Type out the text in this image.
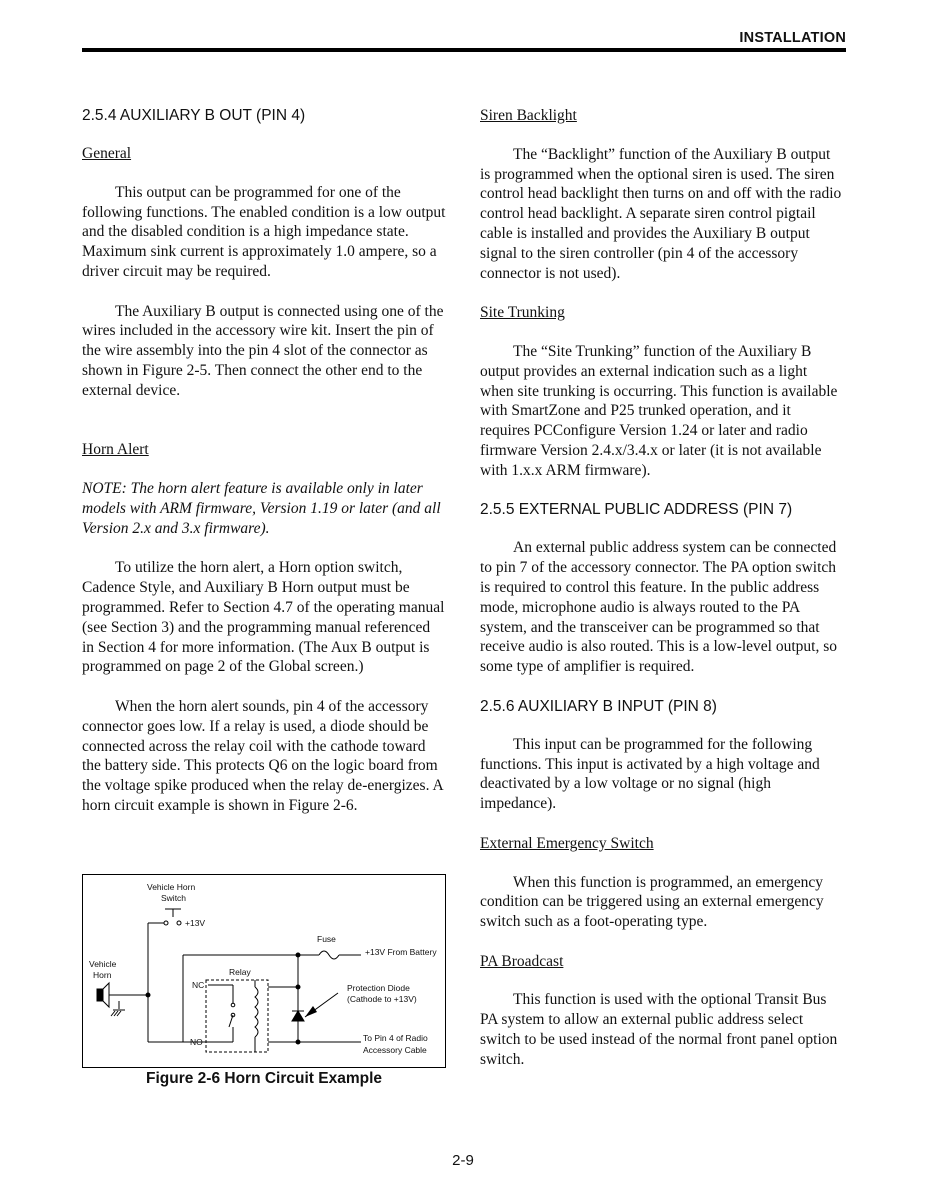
INSTALLATION
2.5.4 AUXILIARY B OUT (PIN 4)
General

This output can be programmed for one of the following functions. The enabled condition is a low output and the disabled condition is a high impedance state. Maximum sink current is approximately 1.0 ampere, so a driver circuit may be required.

The Auxiliary B output is connected using one of the wires included in the accessory wire kit. Insert the pin of the wire assembly into the pin 4 slot of the connector as shown in Figure 2-5. Then connect the other end to the external device.

Horn Alert

NOTE: The horn alert feature is available only in later models with ARM firmware, Version 1.19 or later (and all Version 2.x and 3.x firmware).

To utilize the horn alert, a Horn option switch, Cadence Style, and Auxiliary B Horn output must be programmed. Refer to Section 4.7 of the operating manual (see Section 3) and the programming manual referenced in Section 4 for more information. (The Aux B output is programmed on page 2 of the Global screen.)

When the horn alert sounds, pin 4 of the accessory connector goes low. If a relay is used, a diode should be connected across the relay coil with the cathode toward the battery side. This protects Q6 on the logic board from the voltage spike produced when the relay de-energizes. A horn circuit example is shown in Figure 2-6.

Vehicle Horn
Switch
+13V
Vehicle
Horn
Fuse
+13V From Battery
Relay
NC
NO
Protection Diode
(Cathode to +13V)
To Pin 4 of Radio
Accessory Cable
Figure 2-6 Horn Circuit Example
Siren Backlight

The “Backlight” function of the Auxiliary B output is programmed when the optional siren is used. The siren control head backlight then turns on and off with the radio control head backlight. A separate siren control pigtail cable is installed and provides the Auxiliary B output signal to the siren controller (pin 4 of the accessory connector is not used).

Site Trunking

The “Site Trunking” function of the Auxiliary B output provides an external indication such as a light when site trunking is occurring. This function is available with SmartZone and P25 trunked operation, and it requires PCConfigure Version 1.24 or later and radio firmware Version 2.4.x/3.4.x or later (it is not available with 1.x.x ARM firmware).

2.5.5 EXTERNAL PUBLIC ADDRESS (PIN 7)

An external public address system can be connected to pin 7 of the accessory connector. The PA option switch is required to control this feature. In the public address mode, microphone audio is always routed to the PA system, and the transceiver can be programmed so that receive audio is also routed. This is a low-level output, so some type of amplifier is required.

2.5.6 AUXILIARY B INPUT (PIN 8)

This input can be programmed for the following functions. This input is activated by a high voltage and deactivated by a low voltage or no signal (high impedance).

External Emergency Switch

When this function is programmed, an emergency condition can be triggered using an external emergency switch such as a foot-operating type.

PA Broadcast

This function is used with the optional Transit Bus PA system to allow an external public address select switch to be used instead of the normal front panel option switch.

2-9
